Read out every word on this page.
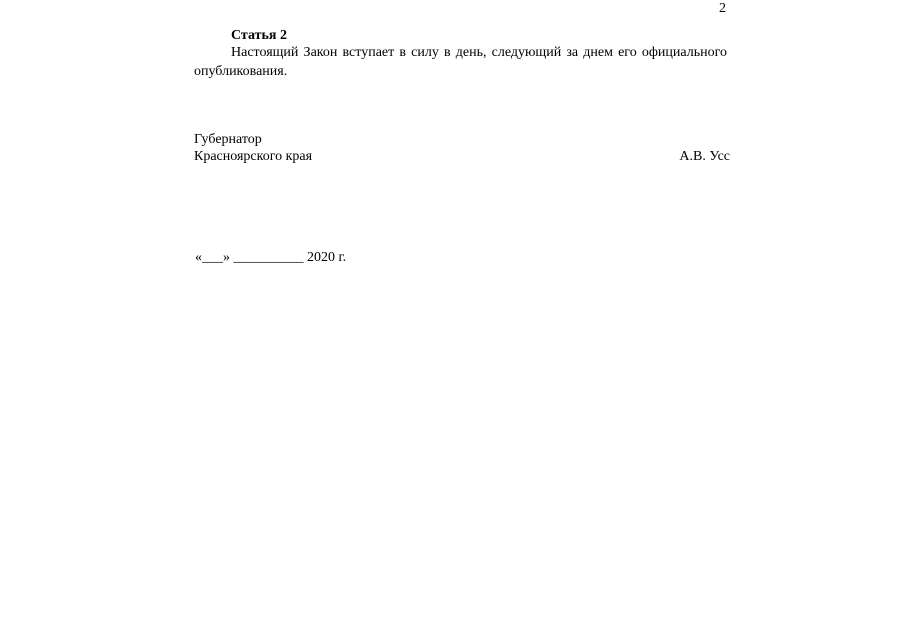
2
Статья 2

Настоящий Закон вступает в силу в день, следующий за днем его официального опубликования.

Губернатор
Красноярского края	А.В. Усс
«___» __________ 2020 г.
